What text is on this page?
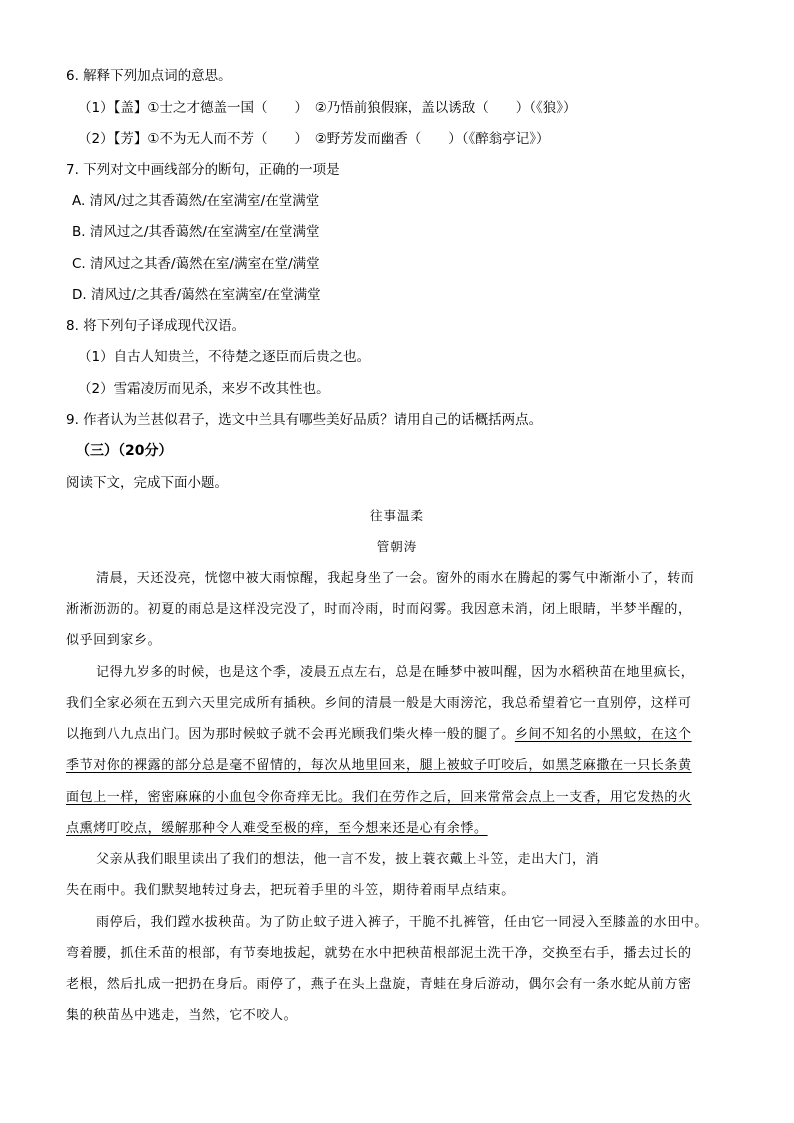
6. 解释下列加点词的意思。
（1）【盖】①士之才德盖一国（　　）　②乃悟前狼假寐，盖以诱敌（　　）（《狼》）
（2）【芳】①不为无人而不芳（　　）　②野芳发而幽香（　　）（《醉翁亭记》）
7. 下列对文中画线部分的断句，正确的一项是
A. 清风/过之其香蔼然/在室满室/在堂满堂
B. 清风过之/其香蔼然/在室满室/在堂满堂
C. 清风过之其香/蔼然在室/满室在堂/满堂
D. 清风过/之其香/蔼然在室满室/在堂满堂
8. 将下列句子译成现代汉语。
（1）自古人知贵兰，不待楚之逐臣而后贵之也。
（2）雪霜凌厉而见杀，来岁不改其性也。
9. 作者认为兰甚似君子，选文中兰具有哪些美好品质？请用自己的话概括两点。
（三）（20分）
阅读下文，完成下面小题。
往事温柔
管朝涛
清晨，天还没亮，恍惚中被大雨惊醒，我起身坐了一会。窗外的雨水在腾起的雾气中渐渐小了，转而
淅淅沥沥的。初夏的雨总是这样没完没了，时而冷雨，时而闷雾。我因意未消，闭上眼睛，半梦半醒的，
似乎回到家乡。
记得九岁多的时候，也是这个季，凌晨五点左右，总是在睡梦中被叫醒，因为水稻秧苗在地里疯长，
我们全家必须在五到六天里完成所有插秧。乡间的清晨一般是大雨滂沱，我总希望着它一直别停，这样可
以拖到八九点出门。因为那时候蚊子就不会再光顾我们柴火棒一般的腿了。乡间不知名的小黑蚊，在这个
季节对你的裸露的部分总是毫不留情的，每次从地里回来，腿上被蚊子叮咬后，如黑芝麻撒在一只长条黄
面包上一样，密密麻麻的小血包令你奇痒无比。我们在劳作之后，回来常常会点上一支香，用它发热的火
点熏烤叮咬点，缓解那种令人难受至极的痒，至今想来还是心有余悸。
父亲从我们眼里读出了我们的想法，他一言不发，披上蓑衣戴上斗笠，走出大门，消
失在雨中。我们默契地转过身去，把玩着手里的斗笠，期待着雨早点结束。
雨停后，我们蹚水拔秧苗。为了防止蚊子进入裤子，干脆不扎裤管，任由它一同浸入至膝盖的水田中。
弯着腰，抓住禾苗的根部，有节奏地拔起，就势在水中把秧苗根部泥土洗干净，交换至右手，播去过长的
老根，然后扎成一把扔在身后。雨停了，燕子在头上盘旋，青蛙在身后游动，偶尔会有一条水蛇从前方密
集的秧苗丛中逃走，当然，它不咬人。
